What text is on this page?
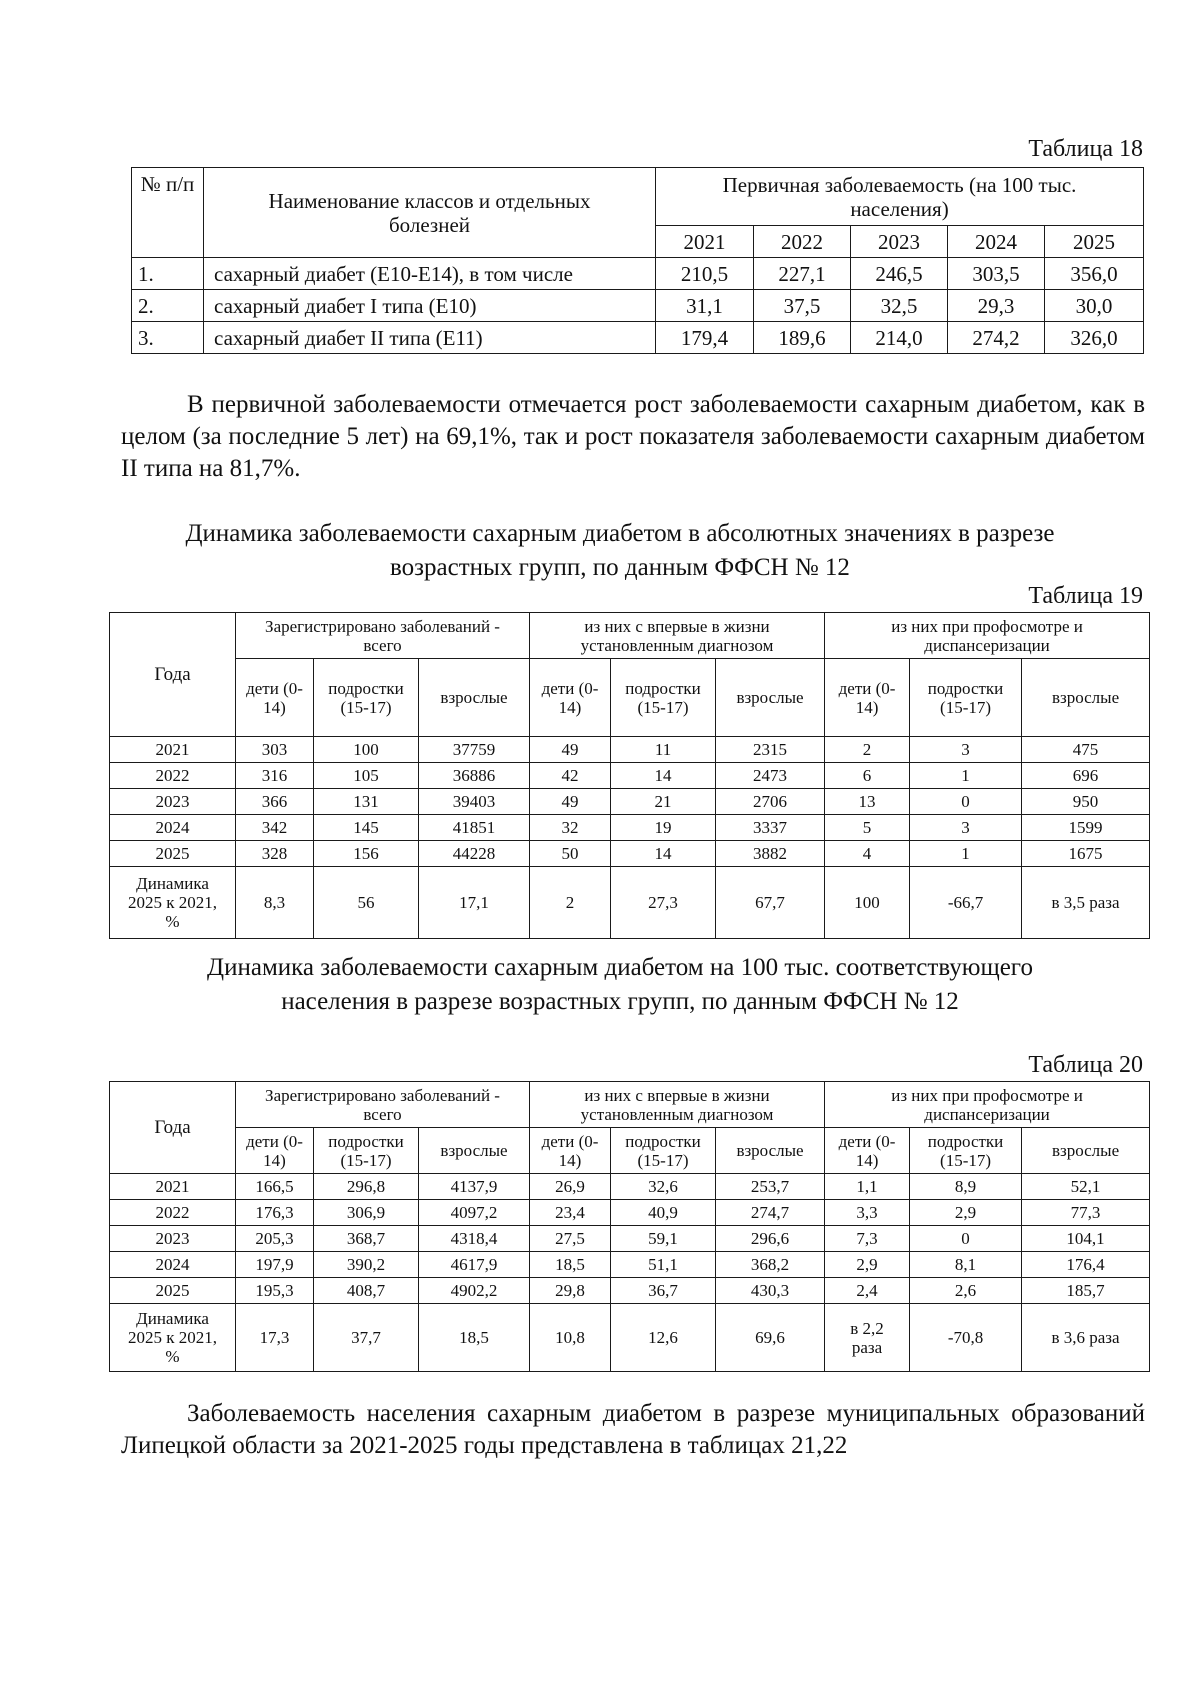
Таблица 18
№ п/п	Наименование классов и отдельных болезней	Первичная заболеваемость (на 100 тыс. населения)				
		2021	2022	2023	2024	2025
1.	сахарный диабет (E10-E14), в том числе	210,5	227,1	246,5	303,5	356,0
2.	сахарный диабет I типа (E10)	31,1	37,5	32,5	29,3	30,0
3.	сахарный диабет II типа (E11)	179,4	189,6	214,0	274,2	326,0
В первичной заболеваемости отмечается рост заболеваемости сахарным диабетом, как в целом (за последние 5 лет) на 69,1%, так и рост показателя заболеваемости сахарным диабетом II типа на 81,7%.
Динамика заболеваемости сахарным диабетом в абсолютных значениях в разрезе возрастных групп, по данным ФФСН № 12
Таблица 19
Года	Зарегистрировано заболеваний - всего			из них с впервые в жизни установленным диагнозом			из них при профосмотре и диспансеризации		
	дети (0-14)	подростки (15-17)	взрослые	дети (0-14)	подростки (15-17)	взрослые	дети (0-14)	подростки (15-17)	взрослые
2021	303	100	37759	49	11	2315	2	3	475
2022	316	105	36886	42	14	2473	6	1	696
2023	366	131	39403	49	21	2706	13	0	950
2024	342	145	41851	32	19	3337	5	3	1599
2025	328	156	44228	50	14	3882	4	1	1675
Динамика 2025 к 2021, %	8,3	56	17,1	2	27,3	67,7	100	-66,7	в 3,5 раза
Динамика заболеваемости сахарным диабетом на 100 тыс. соответствующего населения в разрезе возрастных групп, по данным ФФСН № 12
Таблица 20
Года	Зарегистрировано заболеваний - всего			из них с впервые в жизни установленным диагнозом			из них при профосмотре и диспансеризации		
	дети (0-14)	подростки (15-17)	взрослые	дети (0-14)	подростки (15-17)	взрослые	дети (0-14)	подростки (15-17)	взрослые
2021	166,5	296,8	4137,9	26,9	32,6	253,7	1,1	8,9	52,1
2022	176,3	306,9	4097,2	23,4	40,9	274,7	3,3	2,9	77,3
2023	205,3	368,7	4318,4	27,5	59,1	296,6	7,3	0	104,1
2024	197,9	390,2	4617,9	18,5	51,1	368,2	2,9	8,1	176,4
2025	195,3	408,7	4902,2	29,8	36,7	430,3	2,4	2,6	185,7
Динамика 2025 к 2021, %	17,3	37,7	18,5	10,8	12,6	69,6	в 2,2 раза	-70,8	в 3,6 раза
Заболеваемость населения сахарным диабетом в разрезе муниципальных образований Липецкой области за 2021-2025 годы представлена в таблицах 21,22
